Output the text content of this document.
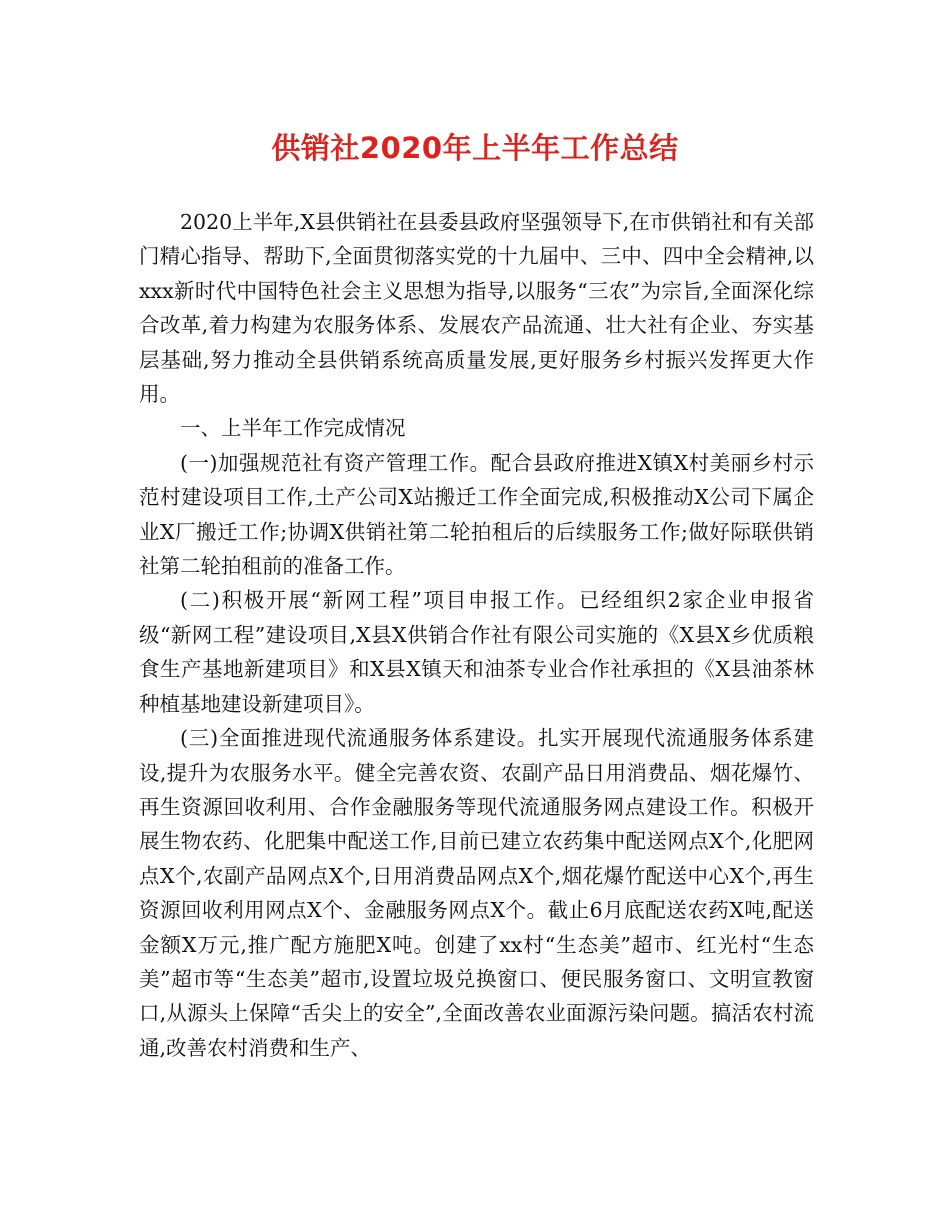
供销社2020年上半年工作总结

2020上半年,X县供销社在县委县政府坚强领导下,在市供销社和有关部门精心指导、帮助下,全面贯彻落实党的十九届中、三中、四中全会精神,以xxx新时代中国特色社会主义思想为指导,以服务“三农”为宗旨,全面深化综合改革,着力构建为农服务体系、发展农产品流通、壮大社有企业、夯实基层基础,努力推动全县供销系统高质量发展,更好服务乡村振兴发挥更大作用。

一、上半年工作完成情况

(一)加强规范社有资产管理工作。配合县政府推进X镇X村美丽乡村示范村建设项目工作,土产公司X站搬迁工作全面完成,积极推动X公司下属企业X厂搬迁工作;协调X供销社第二轮拍租后的后续服务工作;做好际联供销社第二轮拍租前的准备工作。

(二)积极开展“新网工程”项目申报工作。已经组织2家企业申报省级“新网工程”建设项目,X县X供销合作社有限公司实施的《X县X乡优质粮食生产基地新建项目》和X县X镇天和油茶专业合作社承担的《X县油茶林种植基地建设新建项目》。

(三)全面推进现代流通服务体系建设。扎实开展现代流通服务体系建设,提升为农服务水平。健全完善农资、农副产品日用消费品、烟花爆竹、再生资源回收利用、合作金融服务等现代流通服务网点建设工作。积极开展生物农药、化肥集中配送工作,目前已建立农药集中配送网点X个,化肥网点X个,农副产品网点X个,日用消费品网点X个,烟花爆竹配送中心X个,再生资源回收利用网点X个、金融服务网点X个。截止6月底配送农药X吨,配送金额X万元,推广配方施肥X吨。创建了xx村“生态美”超市、红光村“生态美”超市等“生态美”超市,设置垃圾兑换窗口、便民服务窗口、文明宣教窗口,从源头上保障“舌尖上的安全”,全面改善农业面源污染问题。搞活农村流通,改善农村消费和生产、
